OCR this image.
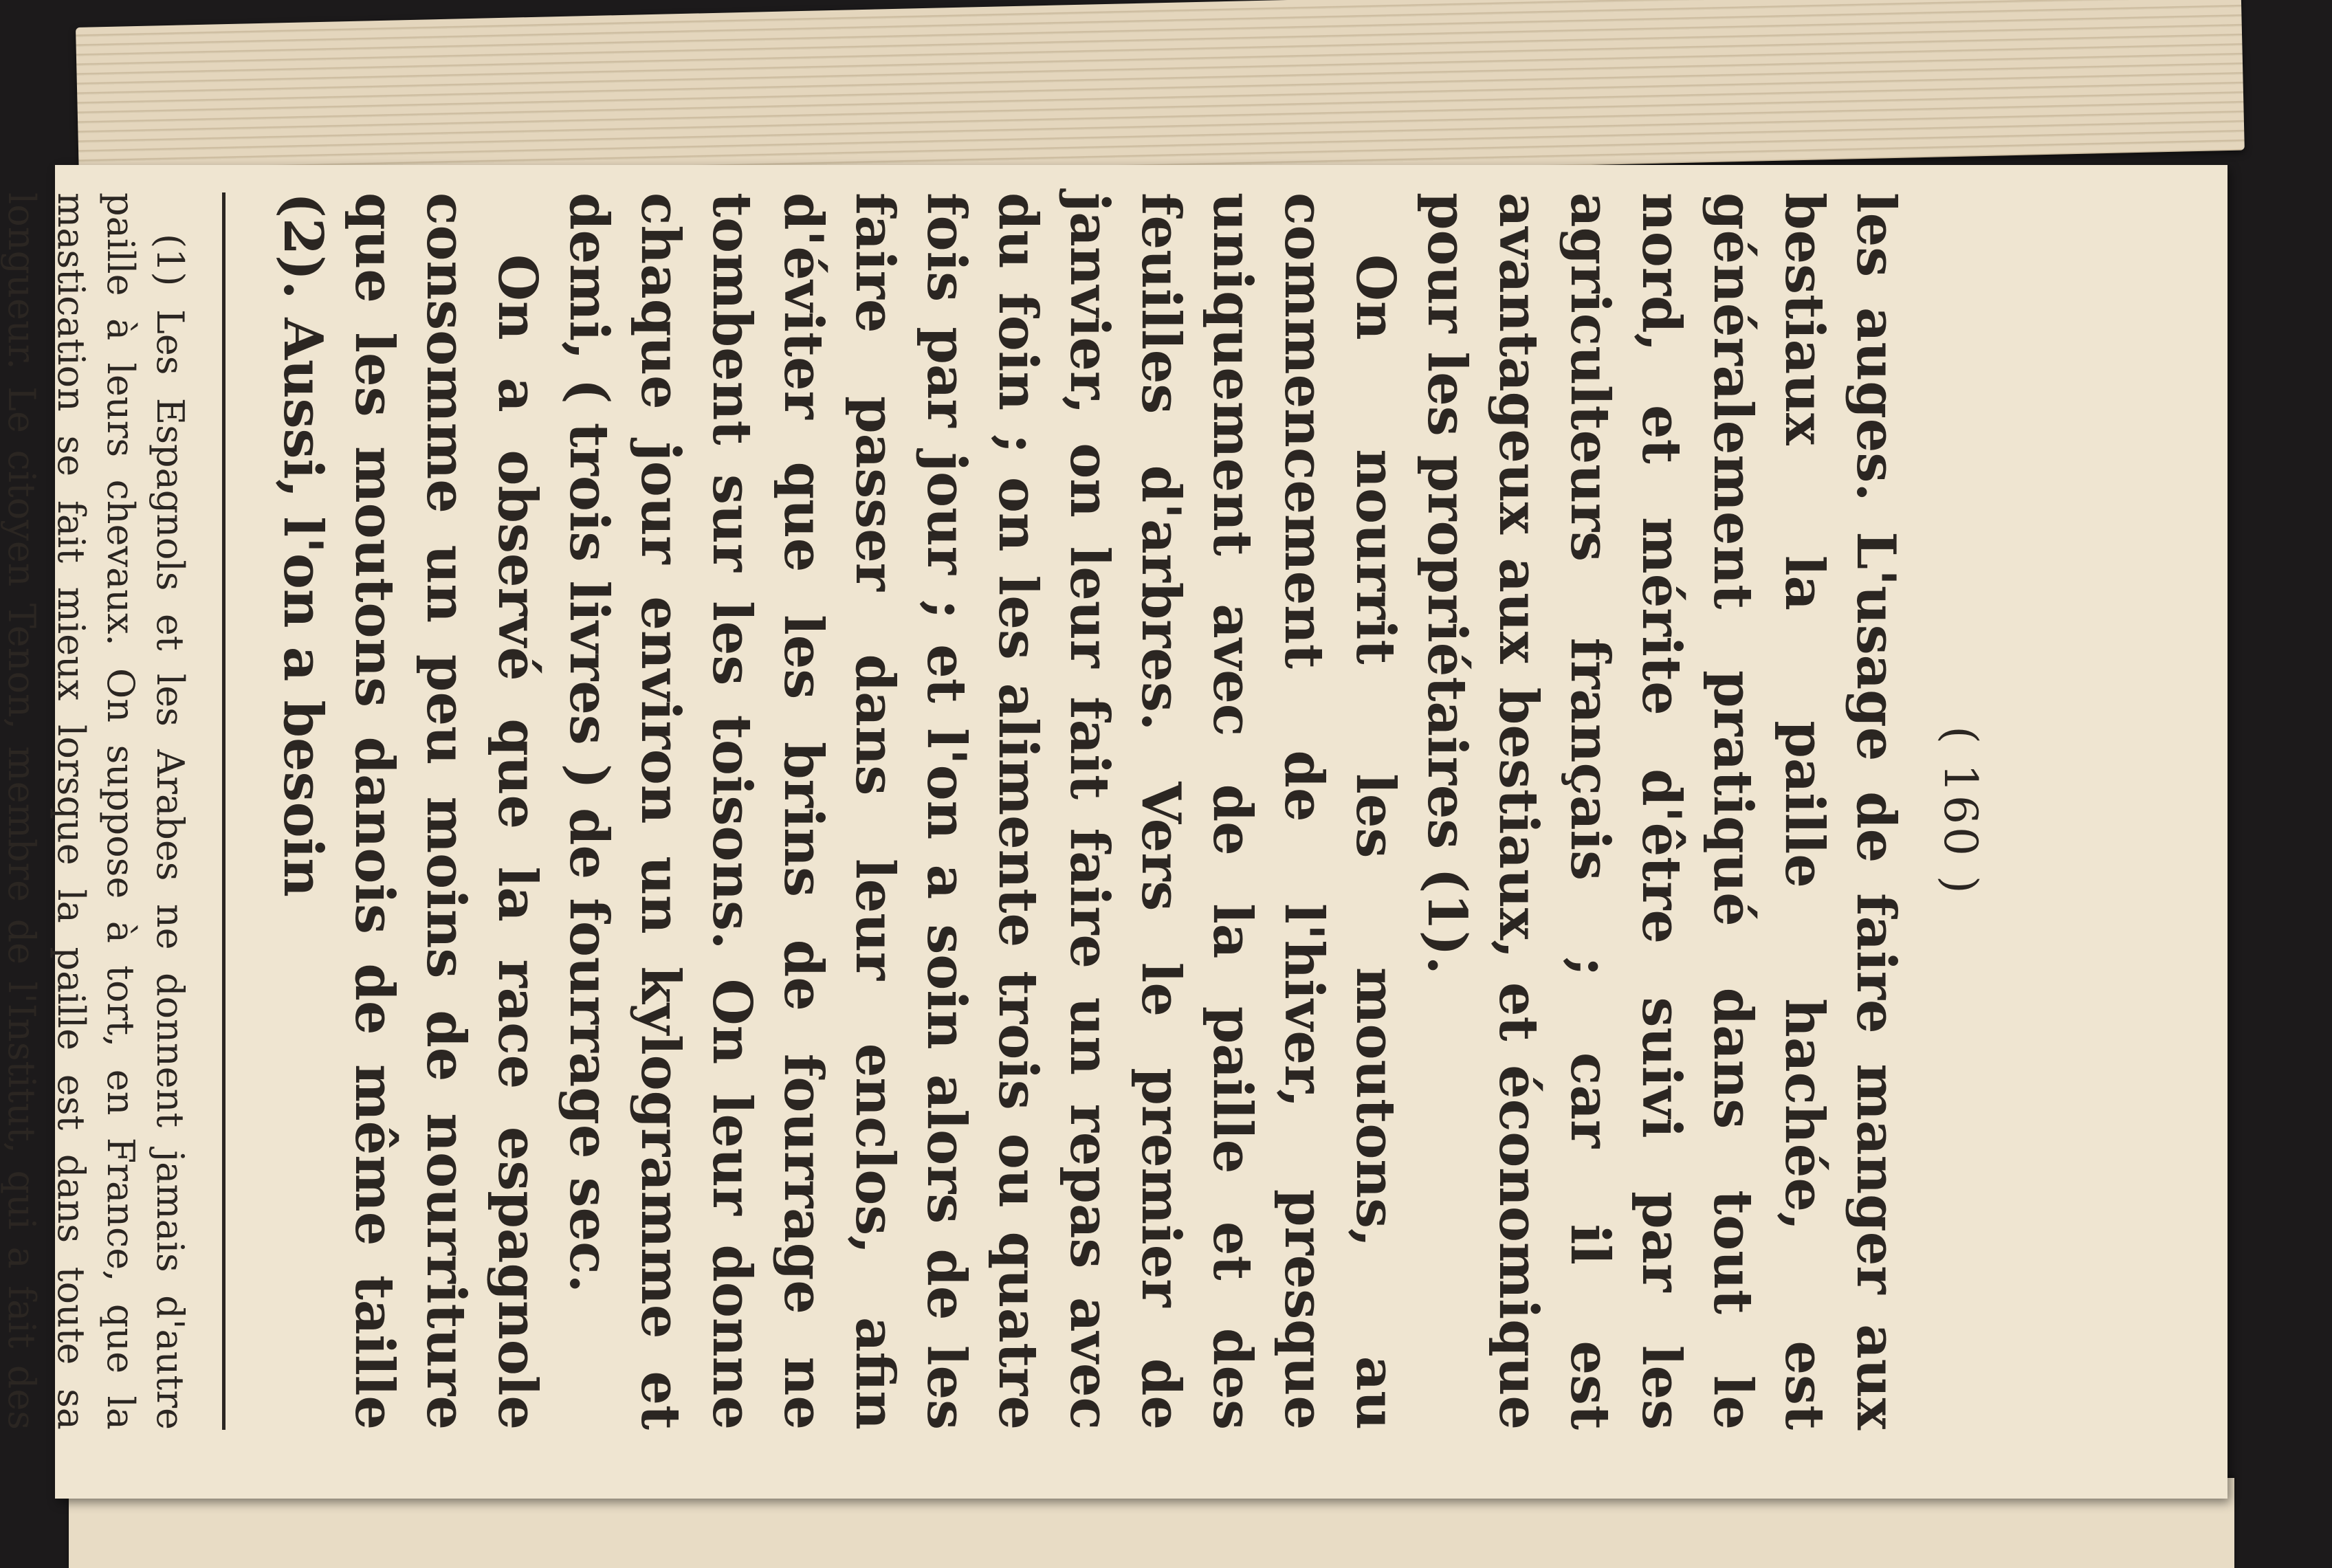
( 160 )

les auges. L'usage de faire manger aux bestiaux la paille hachée, est généralement pratiqué dans tout le nord, et mérite d'être suivi par les agriculteurs français ; car il est avantageux aux bestiaux, et économique pour les propriétaires (1).

On nourrit les moutons, au commencement de l'hiver, presque uniquement avec de la paille et des feuilles d'arbres. Vers le premier de janvier, on leur fait faire un repas avec du foin ; on les alimente trois ou quatre fois par jour ; et l'on a soin alors de les faire passer dans leur enclos, afin d'éviter que les brins de fourrage ne tombent sur les toisons. On leur donne chaque jour environ un kylogramme et demi, ( trois livres ) de fourrage sec.

On a observé que la race espagnole consomme un peu moins de nourriture que les moutons danois de même taille (2). Aussi, l'on a besoin

(1) Les Espagnols et les Arabes ne donnent jamais d'autre paille à leurs chevaux. On suppose à tort, en France, que la mastication se fait mieux lorsque la paille est dans toute sa longueur. Le citoyen Tenon, membre de l'Institut, qui a fait des
